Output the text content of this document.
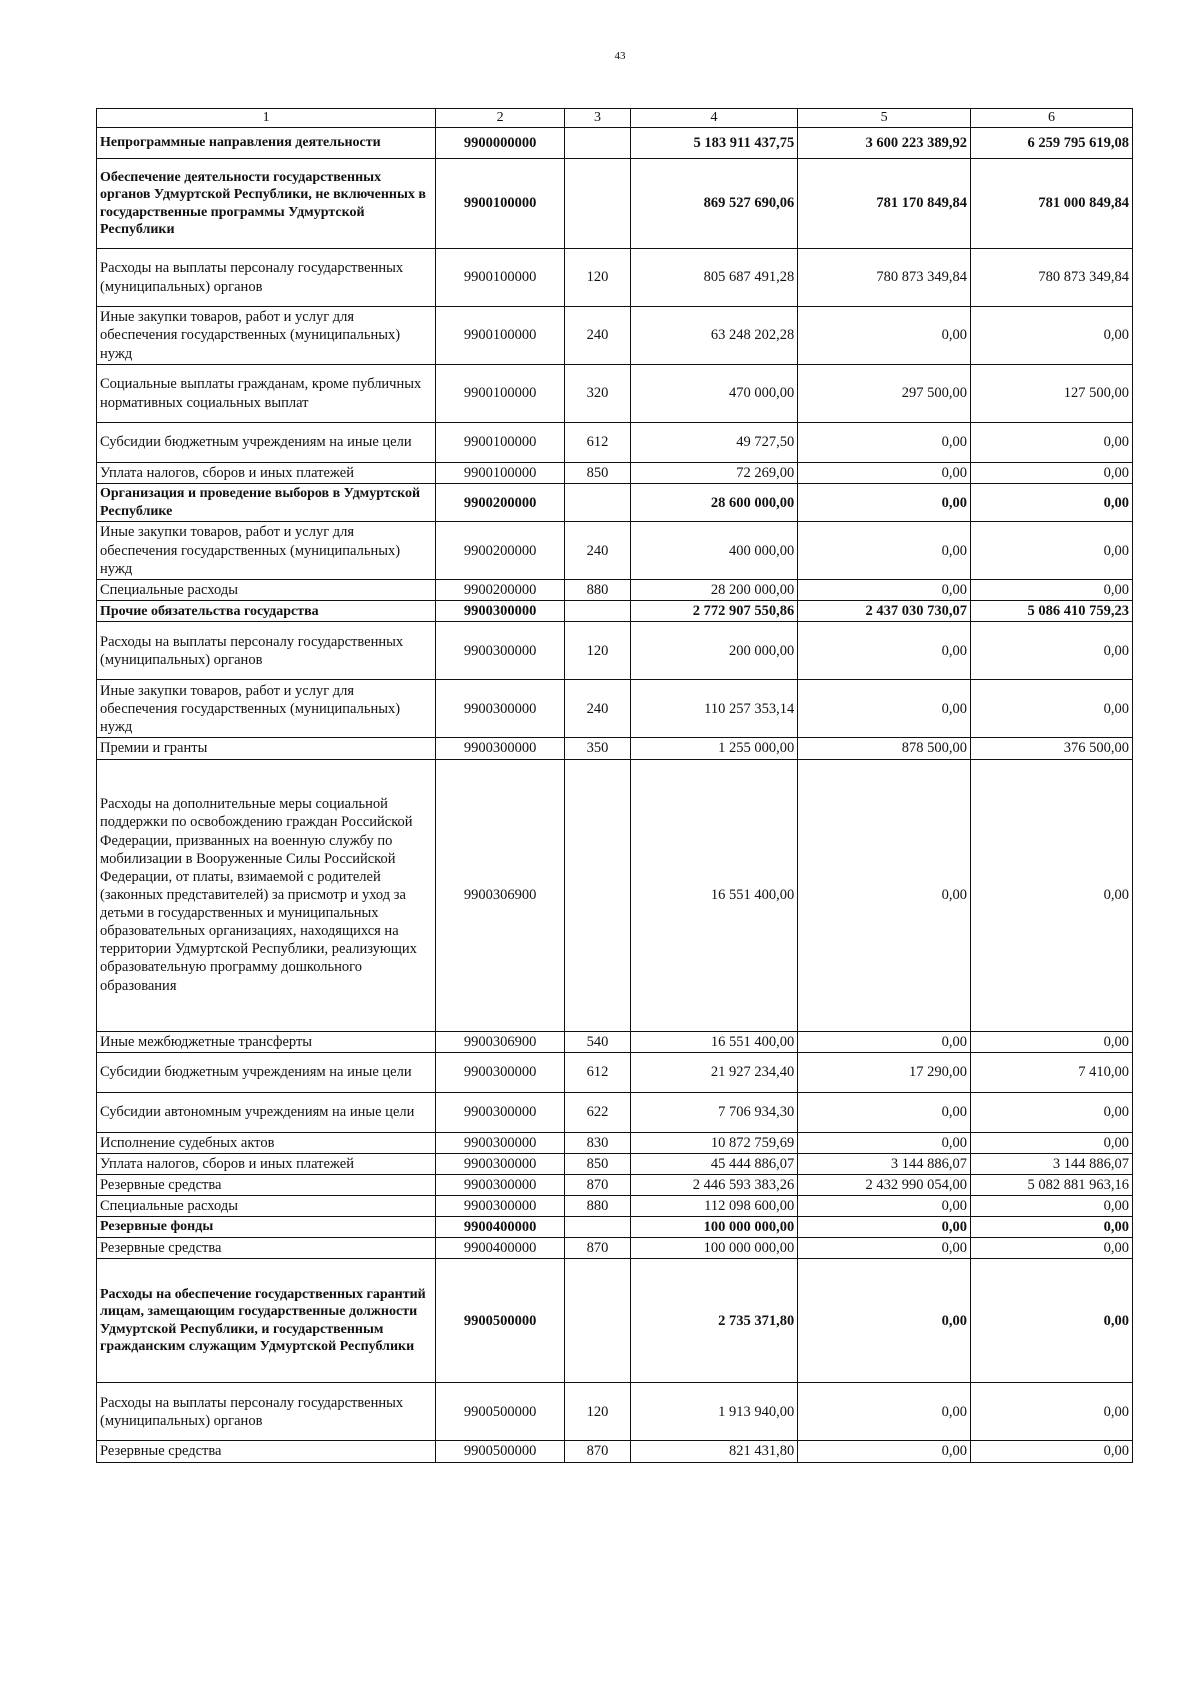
43
1	2	3	4	5	6
Непрограммные направления деятельности	9900000000		5 183 911 437,75	3 600 223 389,92	6 259 795 619,08
Обеспечение деятельности государственных органов Удмуртской Республики, не включенных в государственные программы Удмуртской Республики	9900100000		869 527 690,06	781 170 849,84	781 000 849,84
Расходы на выплаты персоналу государственных (муниципальных) органов	9900100000	120	805 687 491,28	780 873 349,84	780 873 349,84
Иные закупки товаров, работ и услуг для обеспечения государственных (муниципальных) нужд	9900100000	240	63 248 202,28	0,00	0,00
Социальные выплаты гражданам, кроме публичных нормативных социальных выплат	9900100000	320	470 000,00	297 500,00	127 500,00
Субсидии бюджетным учреждениям на иные цели	9900100000	612	49 727,50	0,00	0,00
Уплата налогов, сборов и иных платежей	9900100000	850	72 269,00	0,00	0,00
Организация и проведение выборов в Удмуртской Республике	9900200000		28 600 000,00	0,00	0,00
Иные закупки товаров, работ и услуг для обеспечения государственных (муниципальных) нужд	9900200000	240	400 000,00	0,00	0,00
Специальные расходы	9900200000	880	28 200 000,00	0,00	0,00
Прочие обязательства государства	9900300000		2 772 907 550,86	2 437 030 730,07	5 086 410 759,23
Расходы на выплаты персоналу государственных (муниципальных) органов	9900300000	120	200 000,00	0,00	0,00
Иные закупки товаров, работ и услуг для обеспечения государственных (муниципальных) нужд	9900300000	240	110 257 353,14	0,00	0,00
Премии и гранты	9900300000	350	1 255 000,00	878 500,00	376 500,00
Расходы на дополнительные меры социальной поддержки по освобождению граждан Российской Федерации, призванных на военную службу по мобилизации в Вооруженные Силы Российской Федерации, от платы, взимаемой с родителей (законных представителей) за присмотр и уход за детьми в государственных и муниципальных образовательных организациях, находящихся на территории Удмуртской Республики, реализующих образовательную программу дошкольного образования	9900306900		16 551 400,00	0,00	0,00
Иные межбюджетные трансферты	9900306900	540	16 551 400,00	0,00	0,00
Субсидии бюджетным учреждениям на иные цели	9900300000	612	21 927 234,40	17 290,00	7 410,00
Субсидии автономным учреждениям на иные цели	9900300000	622	7 706 934,30	0,00	0,00
Исполнение судебных актов	9900300000	830	10 872 759,69	0,00	0,00
Уплата налогов, сборов и иных платежей	9900300000	850	45 444 886,07	3 144 886,07	3 144 886,07
Резервные средства	9900300000	870	2 446 593 383,26	2 432 990 054,00	5 082 881 963,16
Специальные расходы	9900300000	880	112 098 600,00	0,00	0,00
Резервные фонды	9900400000		100 000 000,00	0,00	0,00
Резервные средства	9900400000	870	100 000 000,00	0,00	0,00
Расходы на обеспечение государственных гарантий лицам, замещающим государственные должности Удмуртской Республики, и государственным гражданским служащим Удмуртской Республики	9900500000		2 735 371,80	0,00	0,00
Расходы на выплаты персоналу государственных (муниципальных) органов	9900500000	120	1 913 940,00	0,00	0,00
Резервные средства	9900500000	870	821 431,80	0,00	0,00
